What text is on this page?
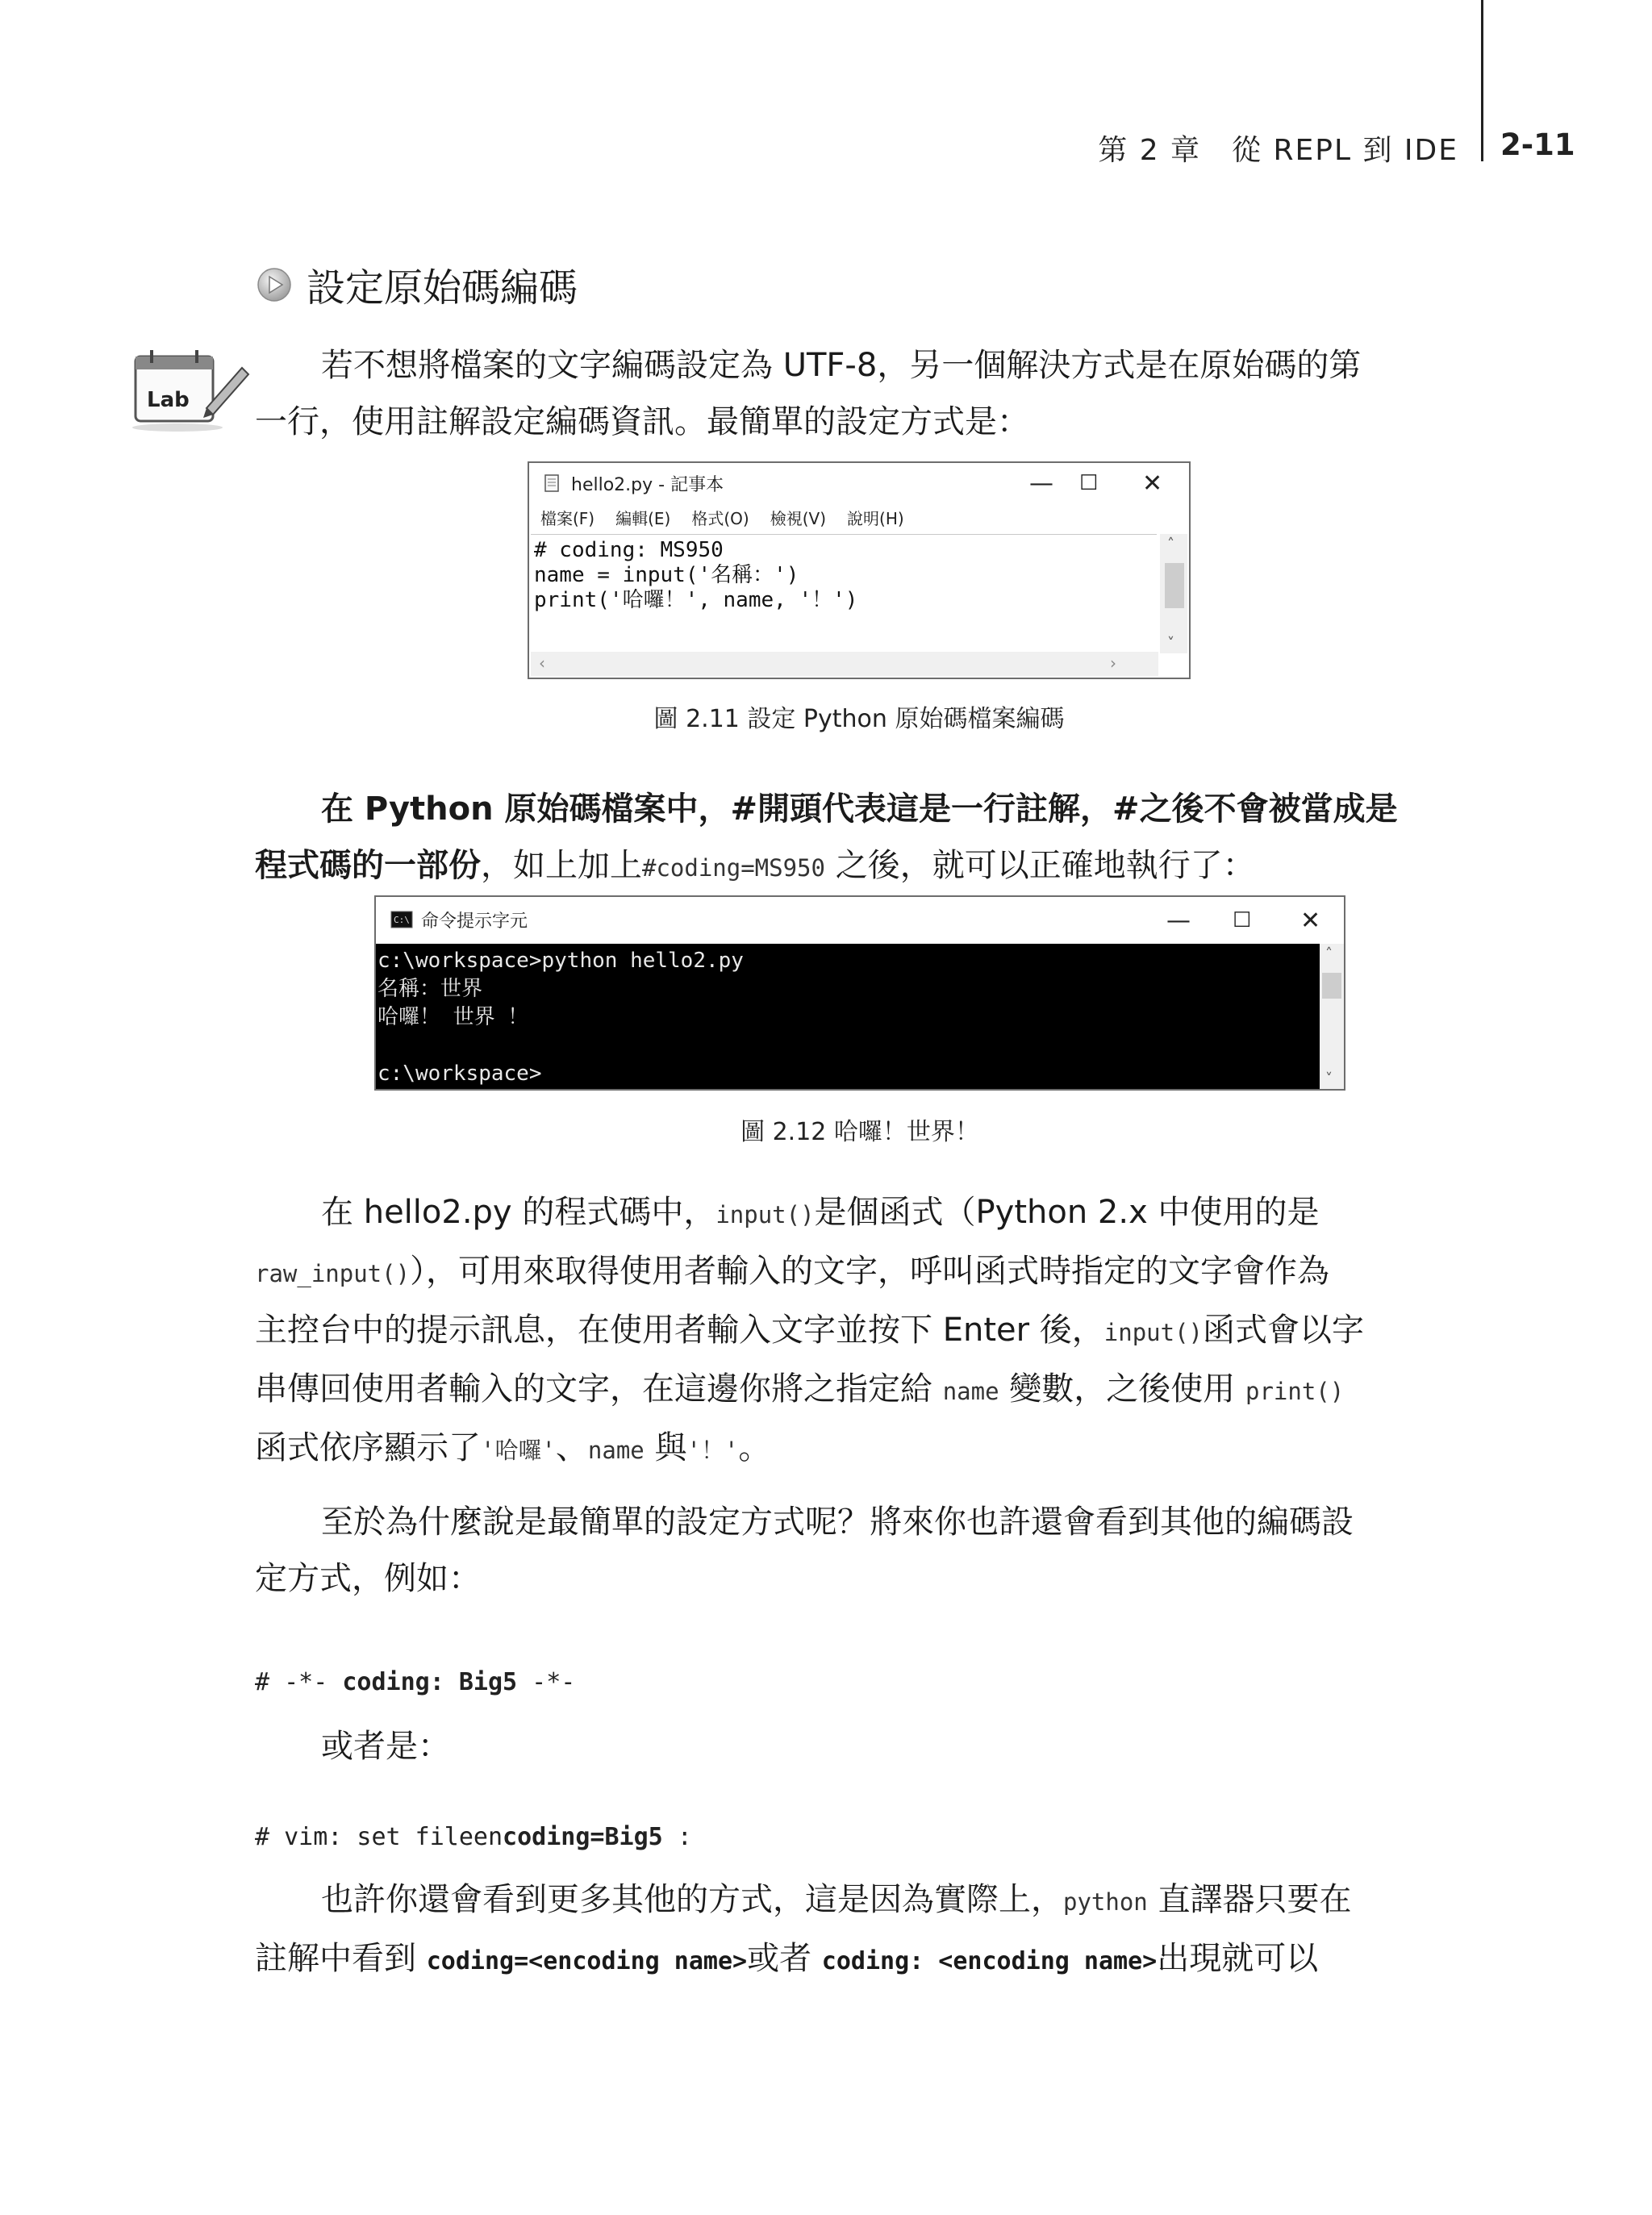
第 2 章　從 REPL 到 IDE 2-11
設定原始碼編碼
Lab
若不想將檔案的文字編碼設定為 UTF-8，另一個解決方式是在原始碼的第
一行，使用註解設定編碼資訊。最簡單的設定方式是：
hello2.py - 記事本	— ☐ ✕
檔案(F) 編輯(E) 格式(O) 檢視(V) 說明(H)
# coding: MS950
name = input('名稱：')
print('哈囉！', name, '！')
˄
˅
‹	›
圖 2.11 設定 Python 原始碼檔案編碼
在 Python 原始碼檔案中，#開頭代表這是一行註解，#之後不會被當成是
程式碼的一部份，如上加上#coding=MS950 之後，就可以正確地執行了：
C:\ 命令提示字元	— ☐ ✕
c:\workspace>python hello2.py
名稱：世界
哈囉！ 世界 ！

c:\workspace>
˄
˅
圖 2.12 哈囉！世界！
在 hello2.py 的程式碼中，input()是個函式（Python 2.x 中使用的是
raw_input()），可用來取得使用者輸入的文字，呼叫函式時指定的文字會作為
主控台中的提示訊息，在使用者輸入文字並按下 Enter 後，input()函式會以字
串傳回使用者輸入的文字，在這邊你將之指定給 name 變數，之後使用 print()
函式依序顯示了'哈囉'、name 與'！'。
至於為什麼說是最簡單的設定方式呢？將來你也許還會看到其他的編碼設
定方式，例如：
# -*- coding: Big5 -*-
或者是：
# vim: set fileencoding=Big5 :
也許你還會看到更多其他的方式，這是因為實際上，python 直譯器只要在
註解中看到 coding=<encoding name>或者 coding: <encoding name>出現就可以
